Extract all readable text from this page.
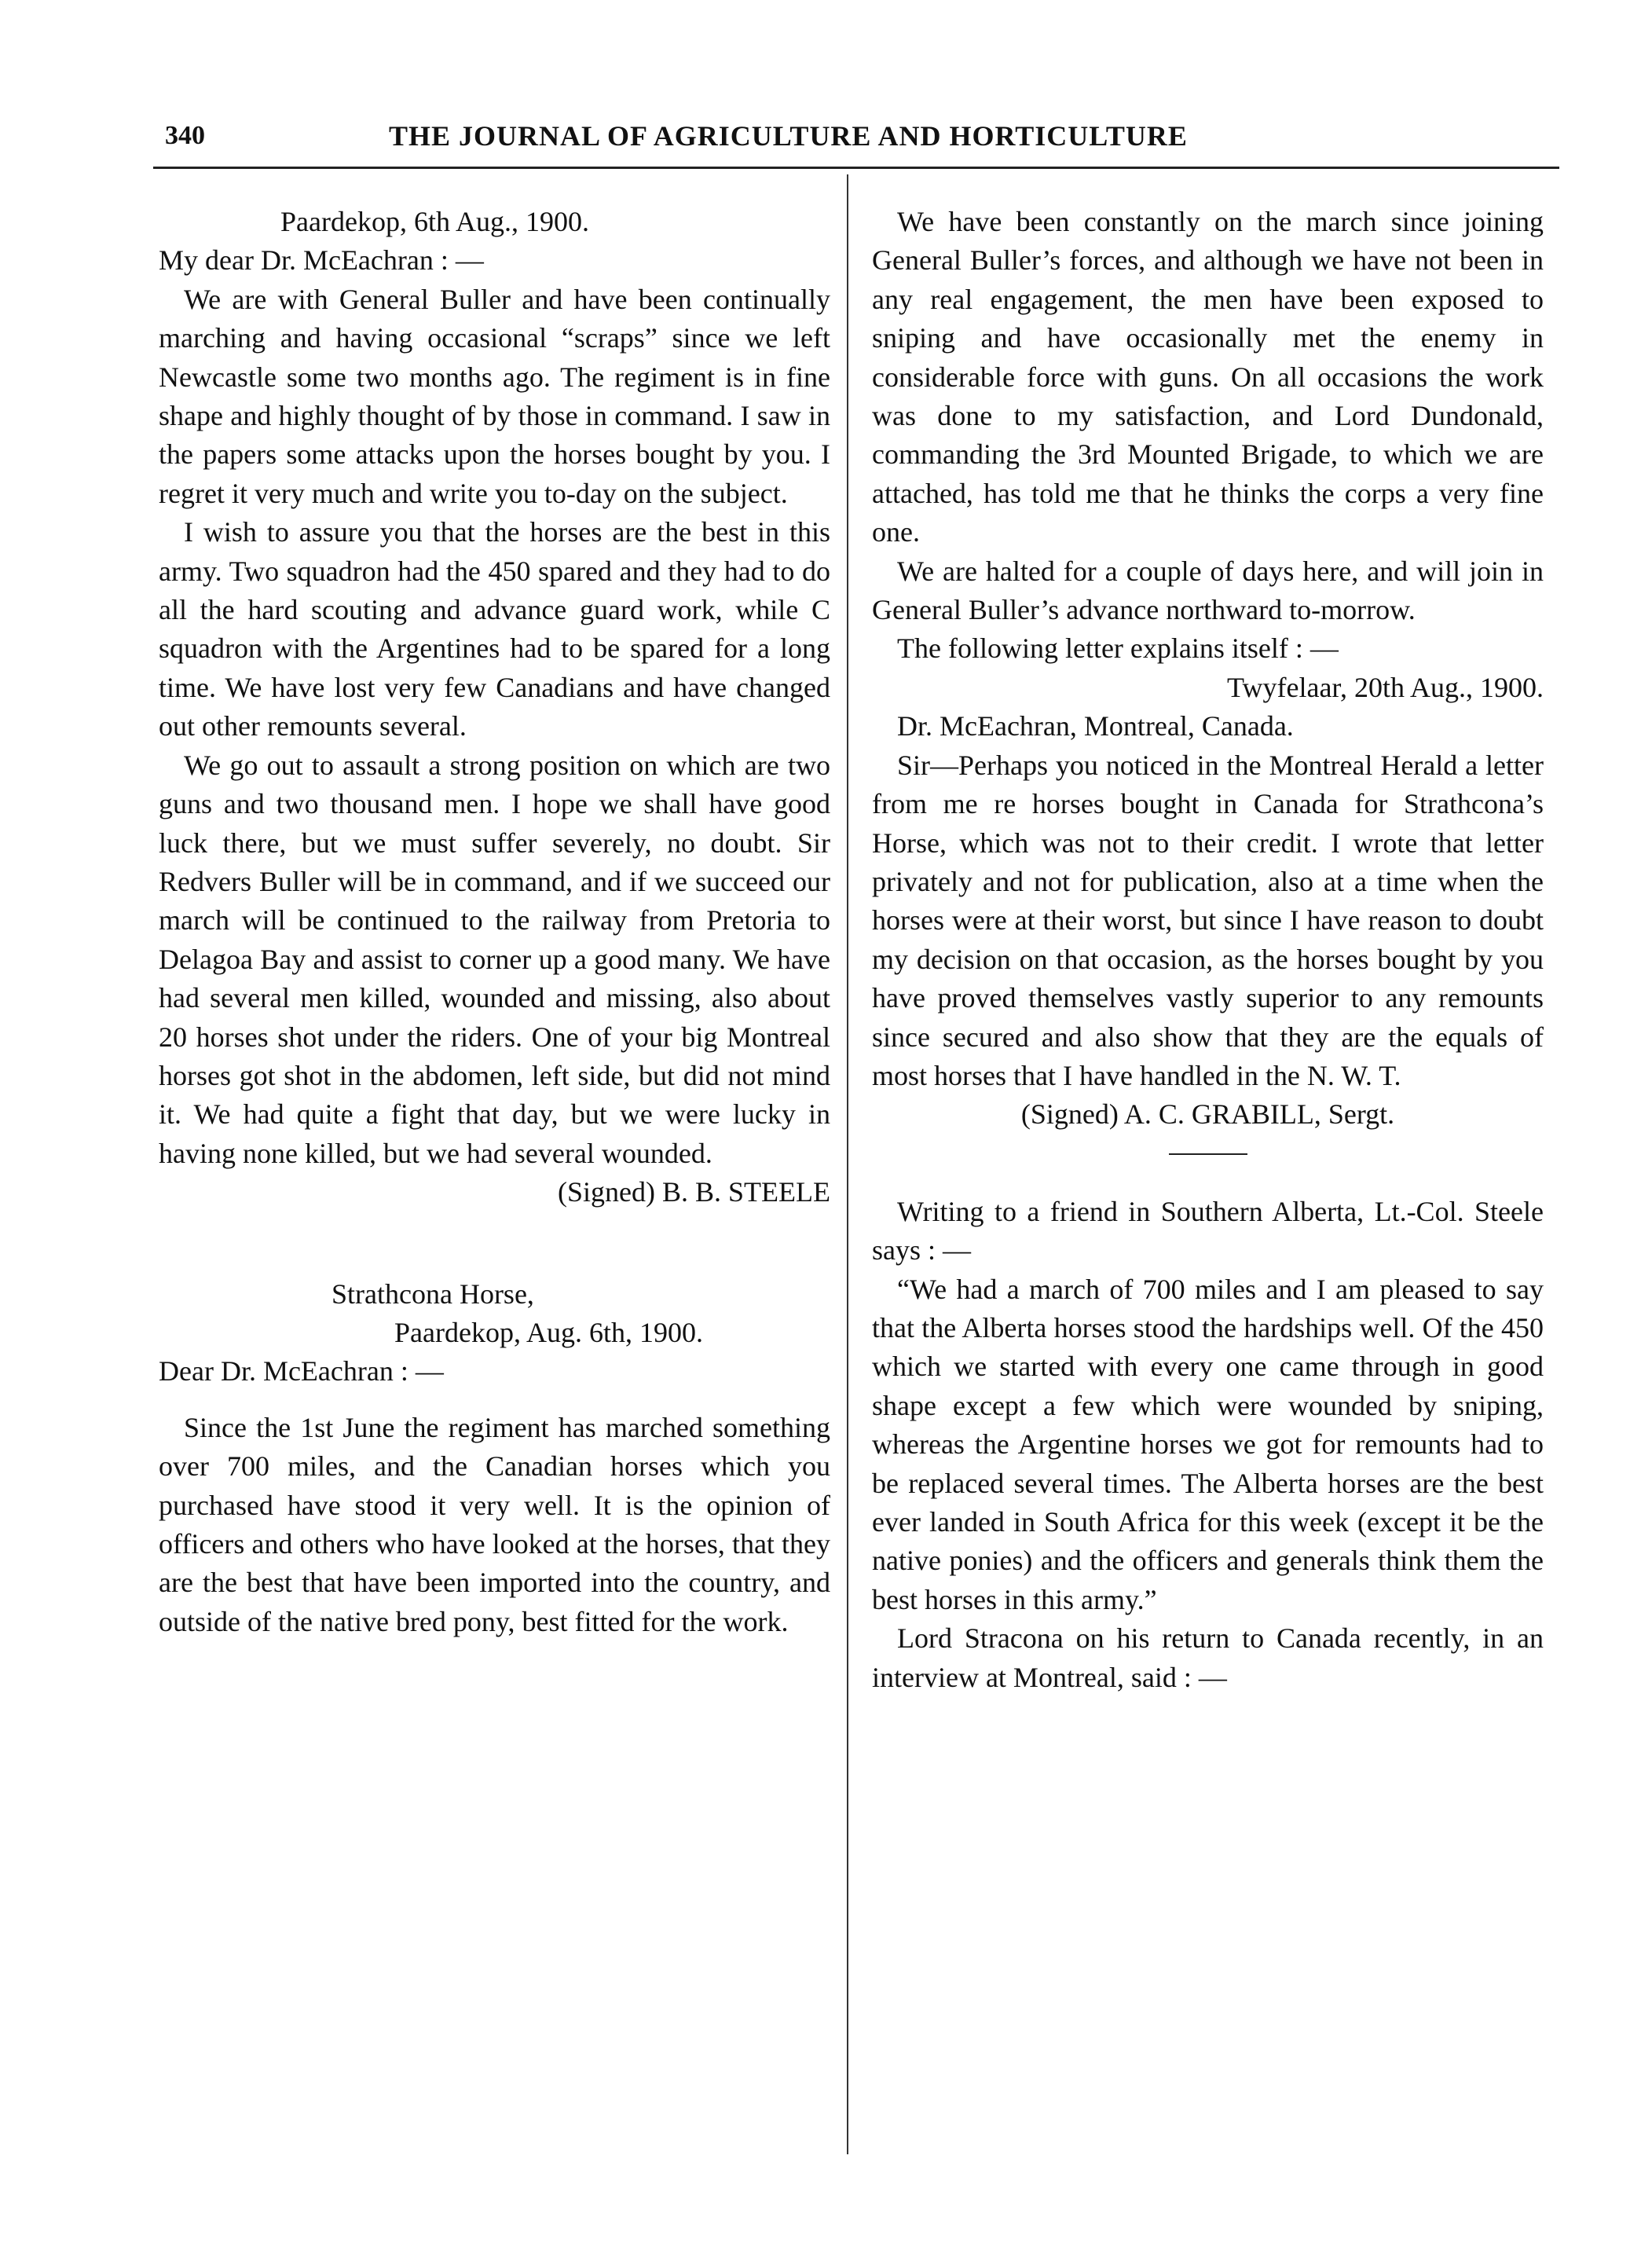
340	THE JOURNAL OF AGRICULTURE AND HORTICULTURE

Paardekop, 6th Aug., 1900.

My dear Dr. McEachran : —

We are with General Buller and have been continually marching and having occasional “scraps” since we left Newcastle some two months ago. The regiment is in fine shape and highly thought of by those in command. I saw in the papers some attacks upon the horses bought by you. I regret it very much and write you to-day on the subject.

I wish to assure you that the horses are the best in this army. Two squadron had the 450 spared and they had to do all the hard scouting and advance guard work, while C squadron with the Argentines had to be spared for a long time. We have lost very few Canadians and have changed out other remounts several.

We go out to assault a strong position on which are two guns and two thousand men. I hope we shall have good luck there, but we must suffer severely, no doubt. Sir Redvers Buller will be in command, and if we succeed our march will be continued to the railway from Pretoria to Delagoa Bay and assist to corner up a good many. We have had several men killed, wounded and missing, also about 20 horses shot under the riders. One of your big Montreal horses got shot in the abdomen, left side, but did not mind it. We had quite a fight that day, but we were lucky in having none killed, but we had several wounded.

(Signed) B. B. STEELE

Strathcona Horse,

Paardekop, Aug. 6th, 1900.

Dear Dr. McEachran : —

Since the 1st June the regiment has marched something over 700 miles, and the Canadian horses which you purchased have stood it very well. It is the opinion of officers and others who have looked at the horses, that they are the best that have been imported into the country, and outside of the native bred pony, best fitted for the work.

We have been constantly on the march since joining General Buller’s forces, and although we have not been in any real engagement, the men have been exposed to sniping and have occasionally met the enemy in considerable force with guns. On all occasions the work was done to my satisfaction, and Lord Dundonald, commanding the 3rd Mounted Brigade, to which we are attached, has told me that he thinks the corps a very fine one.

We are halted for a couple of days here, and will join in General Buller’s advance northward to-morrow.

The following letter explains itself : —

Twyfelaar, 20th Aug., 1900.

Dr. McEachran, Montreal, Canada.

Sir—Perhaps you noticed in the Montreal Herald a letter from me re horses bought in Canada for Strathcona’s Horse, which was not to their credit. I wrote that letter privately and not for publication, also at a time when the horses were at their worst, but since I have reason to doubt my decision on that occasion, as the horses bought by you have proved themselves vastly superior to any remounts since secured and also show that they are the equals of most horses that I have handled in the N. W. T.

(Signed) A. C. GRABILL, Sergt.

Writing to a friend in Southern Alberta, Lt.-Col. Steele says : —

“We had a march of 700 miles and I am pleased to say that the Alberta horses stood the hardships well. Of the 450 which we started with every one came through in good shape except a few which were wounded by sniping, whereas the Argentine horses we got for remounts had to be replaced several times. The Alberta horses are the best ever landed in South Africa for this week (except it be the native ponies) and the officers and generals think them the best horses in this army.”

Lord Stracona on his return to Canada recently, in an interview at Montreal, said : —
